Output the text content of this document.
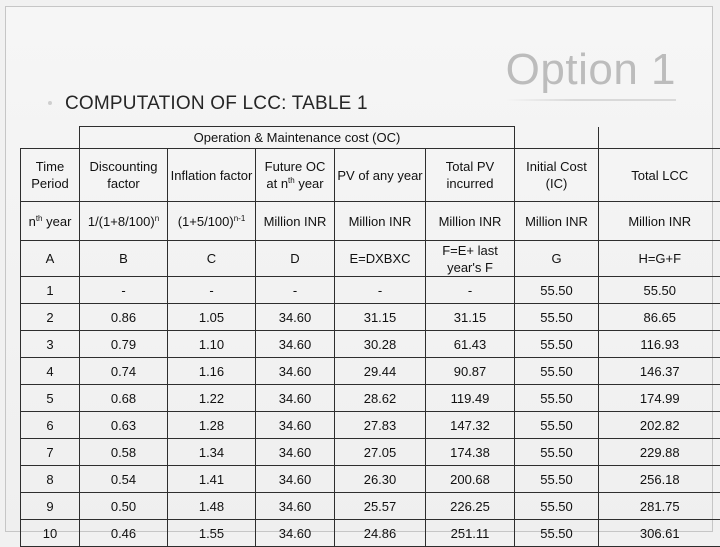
COMPUTATION OF LCC: TABLE 1
Option 1
	Operation & Maintenance cost (OC)						
Time Period	Discounting factor	Inflation factor	Future OC at $n^{th}$ year	PV of any year	Total PV incurred	Initial Cost (IC)	Total LCC
$n^{th}$ year	$1/(1+8/100)^n$	$(1+5/100)^{n-1}$	Million INR	Million INR	Million INR	Million INR	Million INR
A	B	C	D	E=DXBXC	F=E+ last year's F	G	H=G+F
1	-	-	-	-	-	55.50	55.50
2	0.86	1.05	34.60	31.15	31.15	55.50	86.65
3	0.79	1.10	34.60	30.28	61.43	55.50	116.93
4	0.74	1.16	34.60	29.44	90.87	55.50	146.37
5	0.68	1.22	34.60	28.62	119.49	55.50	174.99
6	0.63	1.28	34.60	27.83	147.32	55.50	202.82
7	0.58	1.34	34.60	27.05	174.38	55.50	229.88
8	0.54	1.41	34.60	26.30	200.68	55.50	256.18
9	0.50	1.48	34.60	25.57	226.25	55.50	281.75
10	0.46	1.55	34.60	24.86	251.11	55.50	306.61
